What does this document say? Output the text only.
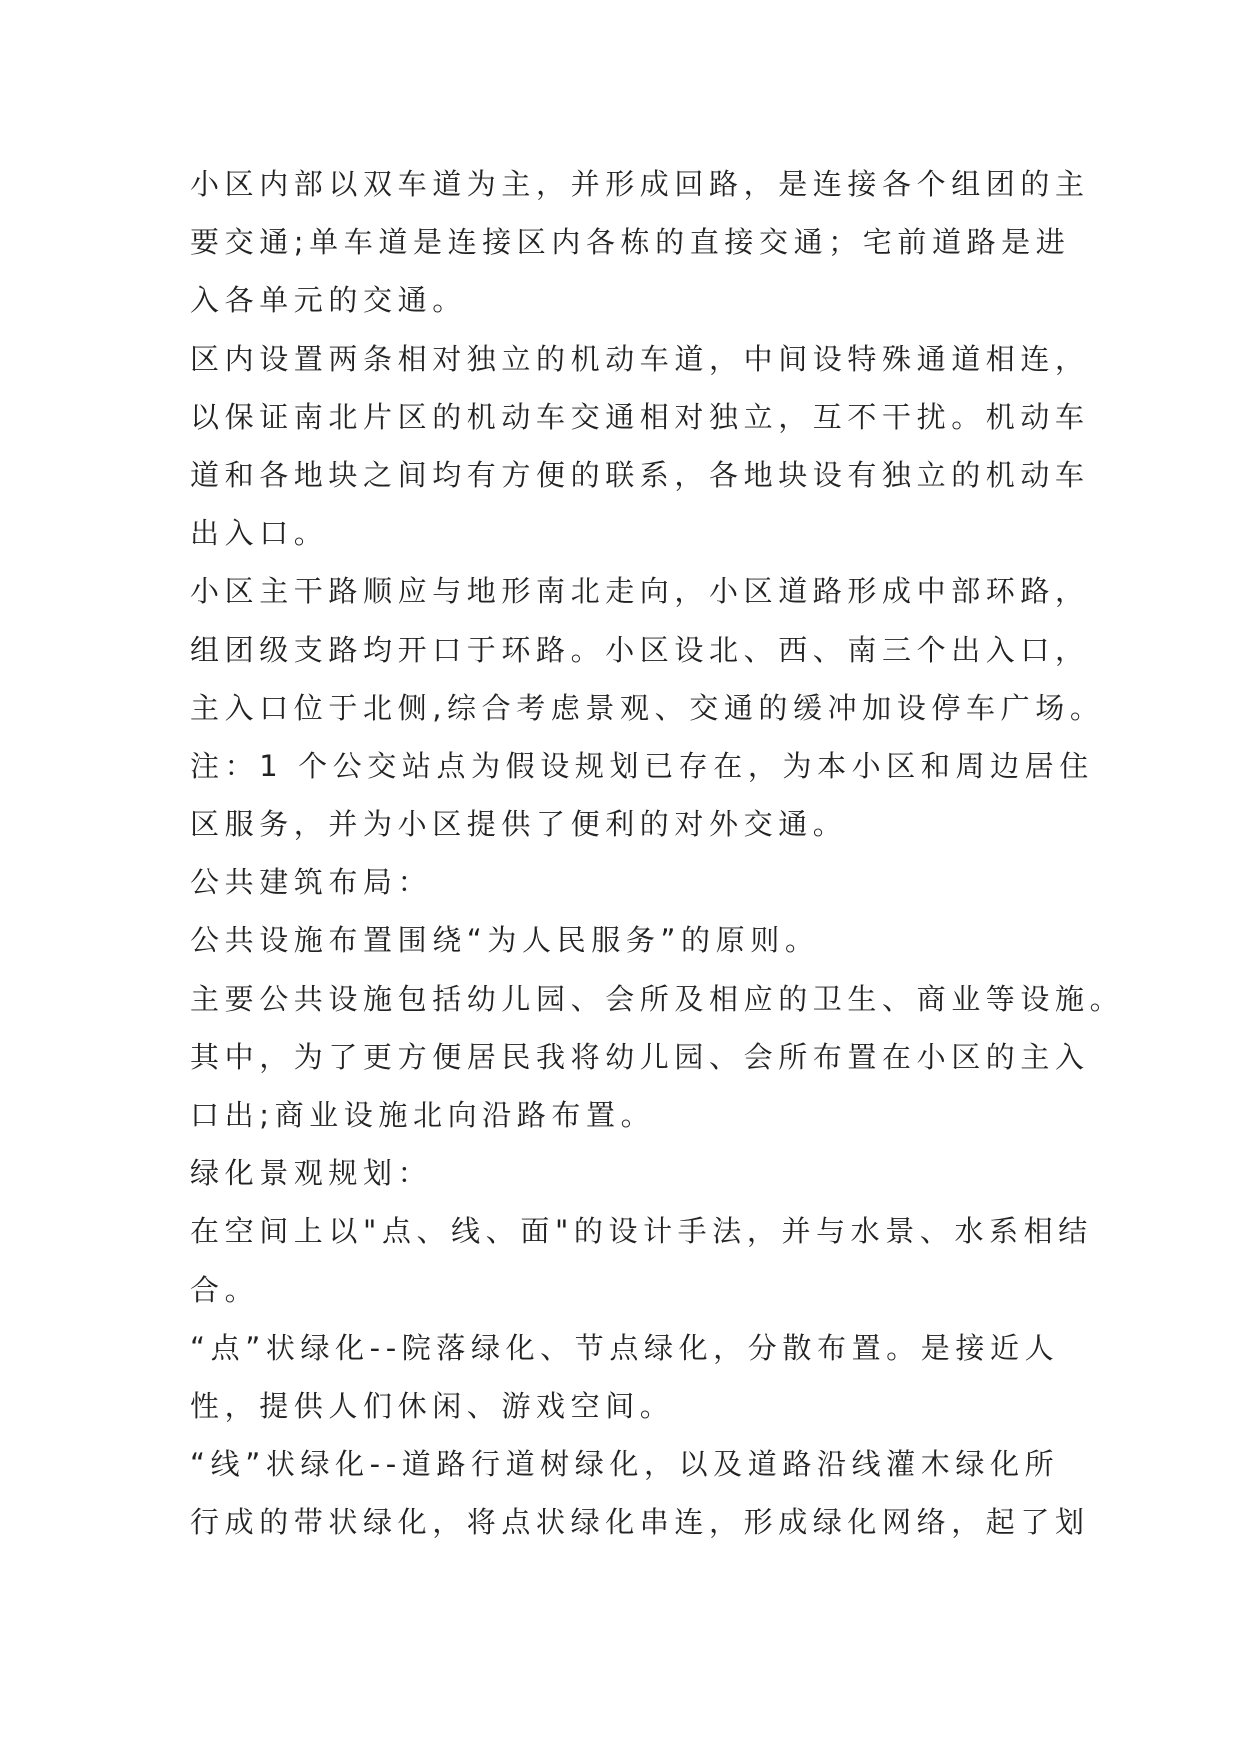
小区内部以双车道为主，并形成回路，是连接各个组团的主
要交通;单车道是连接区内各栋的直接交通；宅前道路是进
入各单元的交通。
区内设置两条相对独立的机动车道，中间设特殊通道相连，
以保证南北片区的机动车交通相对独立，互不干扰。机动车
道和各地块之间均有方便的联系，各地块设有独立的机动车
出入口。
小区主干路顺应与地形南北走向，小区道路形成中部环路，
组团级支路均开口于环路。小区设北、西、南三个出入口，
主入口位于北侧,综合考虑景观、交通的缓冲加设停车广场。
注：1 个公交站点为假设规划已存在，为本小区和周边居住
区服务，并为小区提供了便利的对外交通。
公共建筑布局：
公共设施布置围绕“为人民服务”的原则。
主要公共设施包括幼儿园、会所及相应的卫生、商业等设施。
其中，为了更方便居民我将幼儿园、会所布置在小区的主入
口出;商业设施北向沿路布置。
绿化景观规划：
在空间上以"点、线、面"的设计手法，并与水景、水系相结
合。
“点”状绿化--院落绿化、节点绿化，分散布置。是接近人
性，提供人们休闲、游戏空间。
“线”状绿化--道路行道树绿化，以及道路沿线灌木绿化所
行成的带状绿化，将点状绿化串连，形成绿化网络，起了划
